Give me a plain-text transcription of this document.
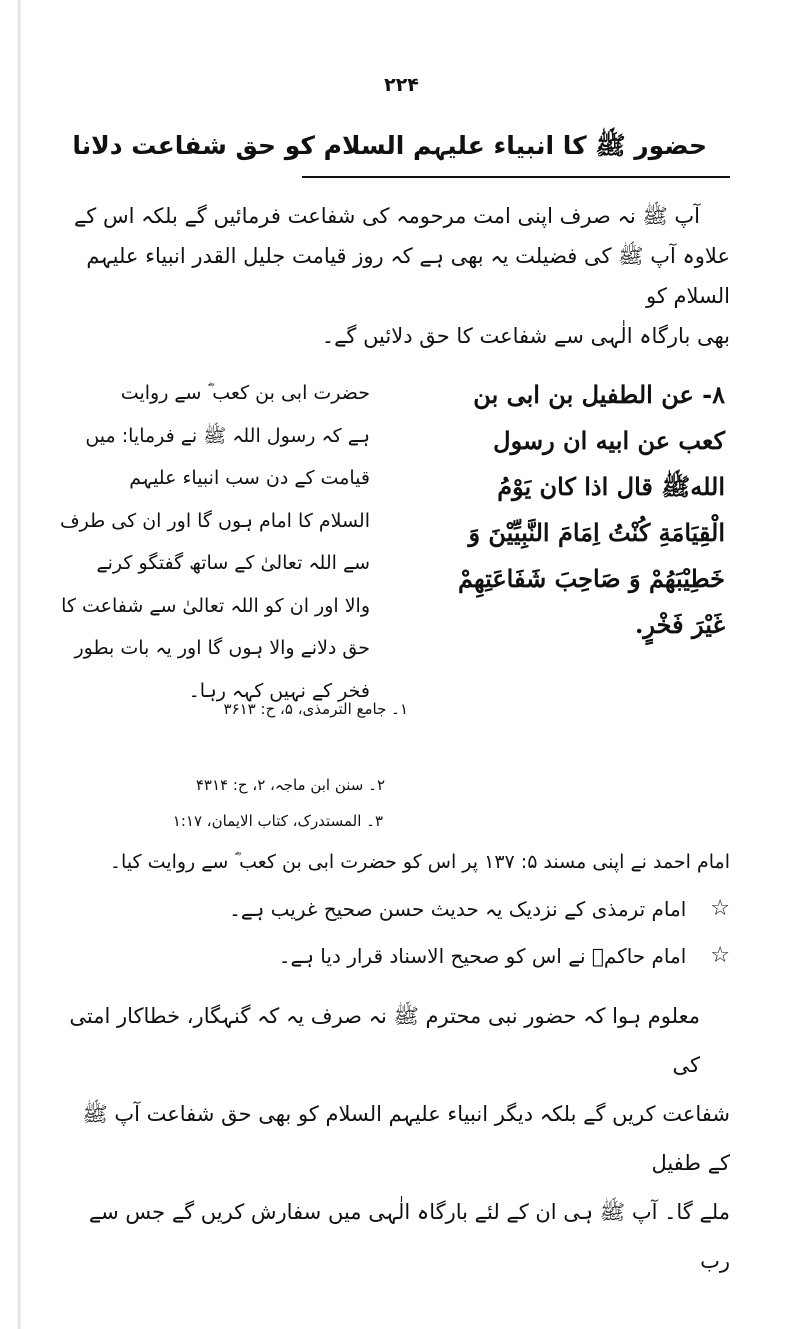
۲۲۴
حضور ﷺ کا انبیاء علیہم السلام کو حق شفاعت دلانا
آپ ﷺ نہ صرف اپنی امت مرحومہ کی شفاعت فرمائیں گے بلکہ اس کے
علاوہ آپ ﷺ کی فضیلت یہ بھی ہے کہ روز قیامت جلیل القدر انبیاء علیہم السلام کو
بھی بارگاہ الٰہی سے شفاعت کا حق دلائیں گے۔
٨- عن الطفيل بن ابى بن
كعب عن ابيه ان رسول
اللهﷺ قال اذا كان يَوْمُ
الْقِيَامَةِ كُنْتُ اِمَامَ النَّبِيِّيْنَ وَ
خَطِيْبَهُمْ وَ صَاحِبَ شَفَاعَتِهِمْ
غَيْرَ فَخْرٍ.
حضرت ابی بن کعب ؓ سے روایت
ہے کہ رسول اللہ ﷺ نے فرمایا: میں
قیامت کے دن سب انبیاء علیہم
السلام کا امام ہوں گا اور ان کی طرف
سے اللہ تعالیٰ کے ساتھ گفتگو کرنے
والا اور ان کو اللہ تعالیٰ سے شفاعت کا
حق دلانے والا ہوں گا اور یہ بات بطور
فخر کے نہیں کہہ رہا۔
١۔ جامع الترمذی، ۵، ح: ٣۶١٣
٢۔ سنن ابن ماجہ، ٢، ح: ۴٣١۴
٣۔ المستدرک، کتاب الایمان، ١:١٧
امام احمد نے اپنی مسند ۵: ١٣٧ پر اس کو حضرت ابی بن کعب ؓ سے روایت کیا۔
☆
امام ترمذی کے نزدیک یہ حدیث حسن صحیح غریب ہے۔
☆
امام حاکمؒ نے اس کو صحیح الاسناد قرار دیا ہے۔
معلوم ہوا کہ حضور نبی محترم ﷺ نہ صرف یہ کہ گنہگار، خطاکار امتی کی
شفاعت کریں گے بلکہ دیگر انبیاء علیہم السلام کو بھی حق شفاعت آپ ﷺ کے طفیل
ملے گا۔ آپ ﷺ ہی ان کے لئے بارگاہ الٰہی میں سفارش کریں گے جس سے رب
